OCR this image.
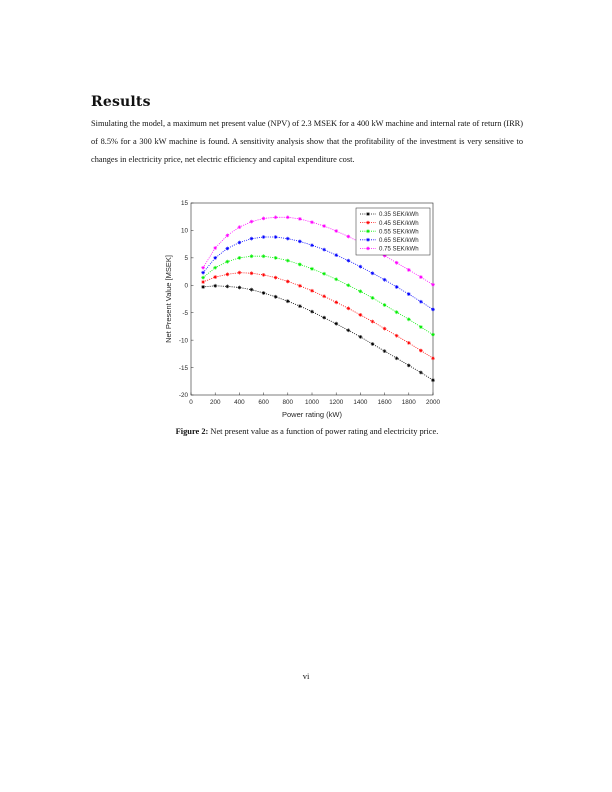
Results
Simulating the model, a maximum net present value (NPV) of 2.3 MSEK for a 400 kW machine and internal rate of return (IRR) of 8.5% for a 300 kW machine is found. A sensitivity analysis show that the profitability of the investment is very sensitive to changes in electricity price, net electric efficiency and capital expenditure cost.
0	200 400 600 800 1000 1200 1400 1600 1800 2000
-20
-15
-10
-5
0
5
10
15
Power rating (kW)
Net Present Value [MSEK]
0.35 SEK/kWh
0.45 SEK/kWh
0.55 SEK/kWh
0.65 SEK/kWh
0.75 SEK/kWh
Figure 2: Net present value as a function of power rating and electricity price.
vi
